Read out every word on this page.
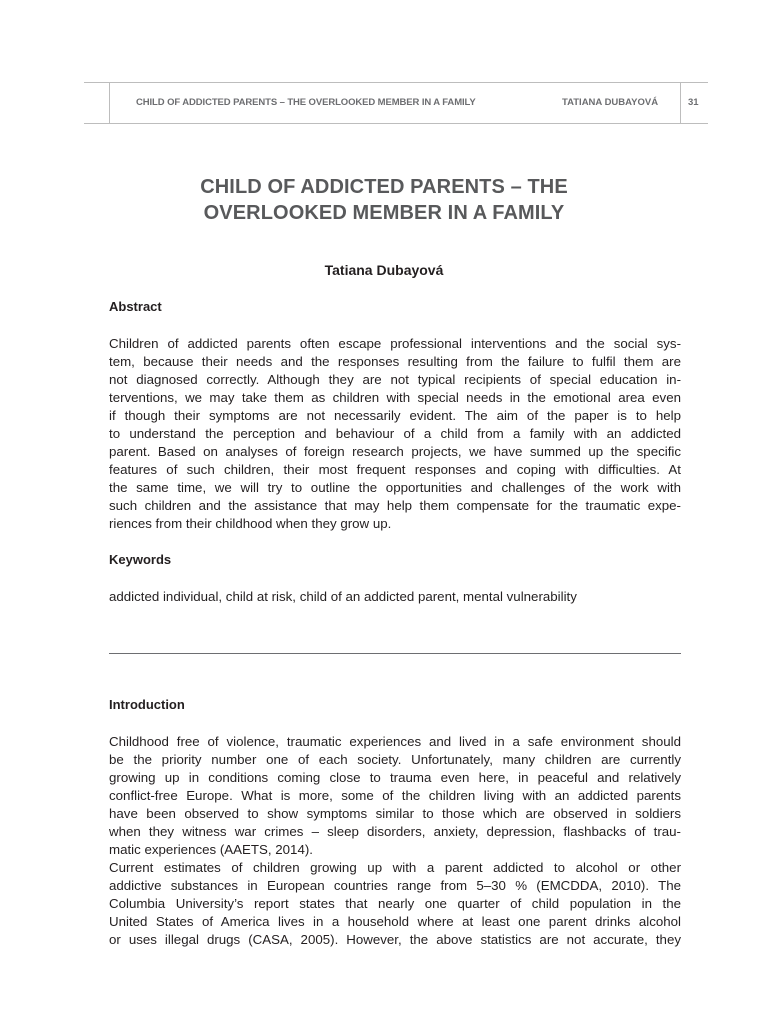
CHILD OF ADDICTED PARENTS – THE OVERLOOKED MEMBER IN A FAMILY	TATIANA DUBAYOVÁ	31
CHILD OF ADDICTED PARENTS – THE
OVERLOOKED MEMBER IN A FAMILY
Tatiana Dubayová
Abstract
Children of addicted parents often escape professional interventions and the social sys-
tem, because their needs and the responses resulting from the failure to fulfil them are
not diagnosed correctly. Although they are not typical recipients of special education in-
terventions, we may take them as children with special needs in the emotional area even
if though their symptoms are not necessarily evident. The aim of the paper is to help
to understand the perception and behaviour of a child from a family with an addicted
parent. Based on analyses of foreign research projects, we have summed up the specific
features of such children, their most frequent responses and coping with difficulties. At
the same time, we will try to outline the opportunities and challenges of the work with
such children and the assistance that may help them compensate for the traumatic expe-
riences from their childhood when they grow up.
Keywords
addicted individual, child at risk, child of an addicted parent, mental vulnerability
Introduction
Childhood free of violence, traumatic experiences and lived in a safe environment should
be the priority number one of each society. Unfortunately, many children are currently
growing up in conditions coming close to trauma even here, in peaceful and relatively
conflict-free Europe. What is more, some of the children living with an addicted parents
have been observed to show symptoms similar to those which are observed in soldiers
when they witness war crimes – sleep disorders, anxiety, depression, flashbacks of trau-
matic experiences (AAETS, 2014).
Current estimates of children growing up with a parent addicted to alcohol or other
addictive substances in European countries range from 5–30 % (EMCDDA, 2010). The
Columbia University’s report states that nearly one quarter of child population in the
United States of America lives in a household where at least one parent drinks alcohol
or uses illegal drugs (CASA, 2005). However, the above statistics are not accurate, they
